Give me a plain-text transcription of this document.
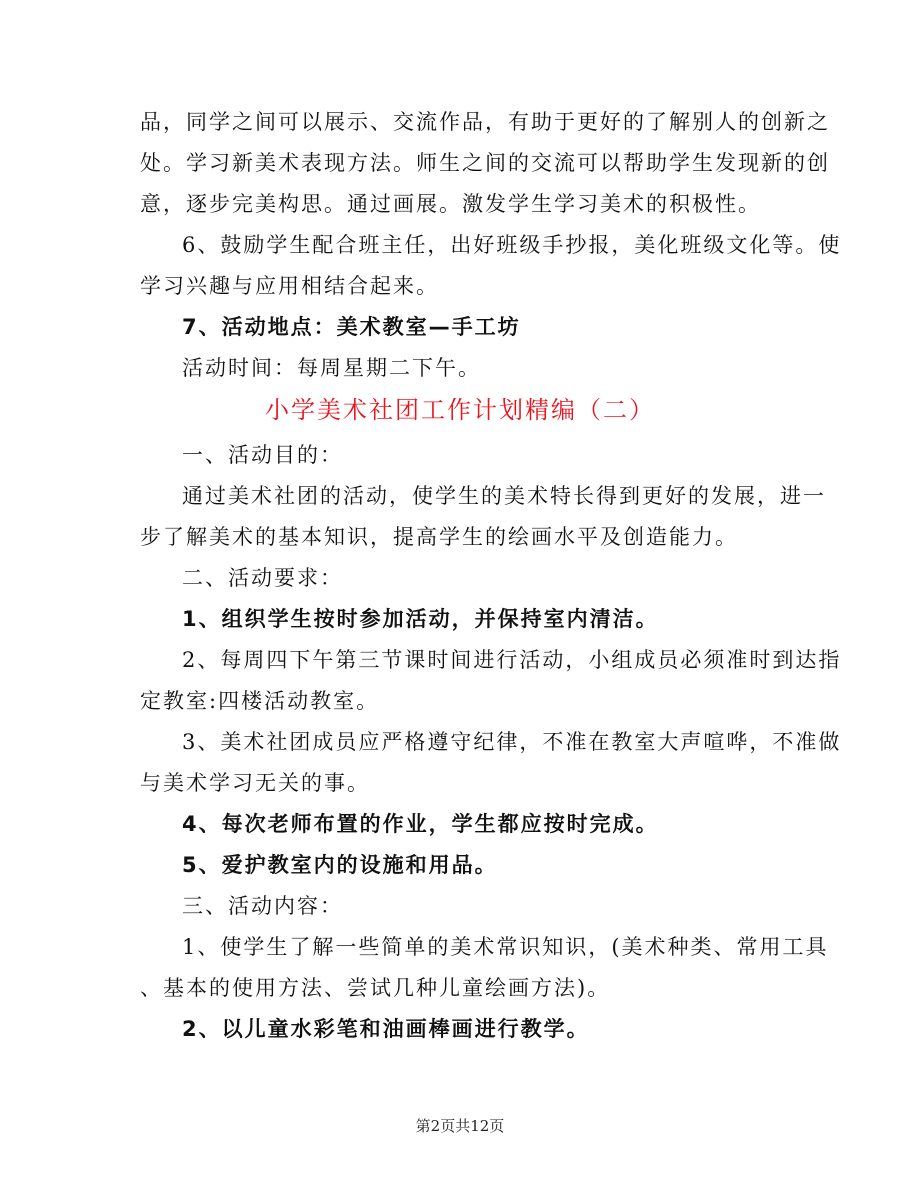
品，同学之间可以展示、交流作品，有助于更好的了解别人的创新之
处。学习新美术表现方法。师生之间的交流可以帮助学生发现新的创
意，逐步完美构思。通过画展。激发学生学习美术的积极性。
6、鼓励学生配合班主任，出好班级手抄报，美化班级文化等。使
学习兴趣与应用相结合起来。
7、活动地点：美术教室—手工坊
活动时间：每周星期二下午。
小学美术社团工作计划精编（二）
一、活动目的：
通过美术社团的活动，使学生的美术特长得到更好的发展，进一
步了解美术的基本知识，提高学生的绘画水平及创造能力。
二、活动要求：
1、组织学生按时参加活动，并保持室内清洁。
2、每周四下午第三节课时间进行活动，小组成员必须准时到达指
定教室:四楼活动教室。
3、美术社团成员应严格遵守纪律，不准在教室大声喧哗，不准做
与美术学习无关的事。
4、每次老师布置的作业，学生都应按时完成。
5、爱护教室内的设施和用品。
三、活动内容：
1、使学生了解一些简单的美术常识知识，(美术种类、常用工具
、基本的使用方法、尝试几种儿童绘画方法)。
2、以儿童水彩笔和油画棒画进行教学。
第2页共12页
